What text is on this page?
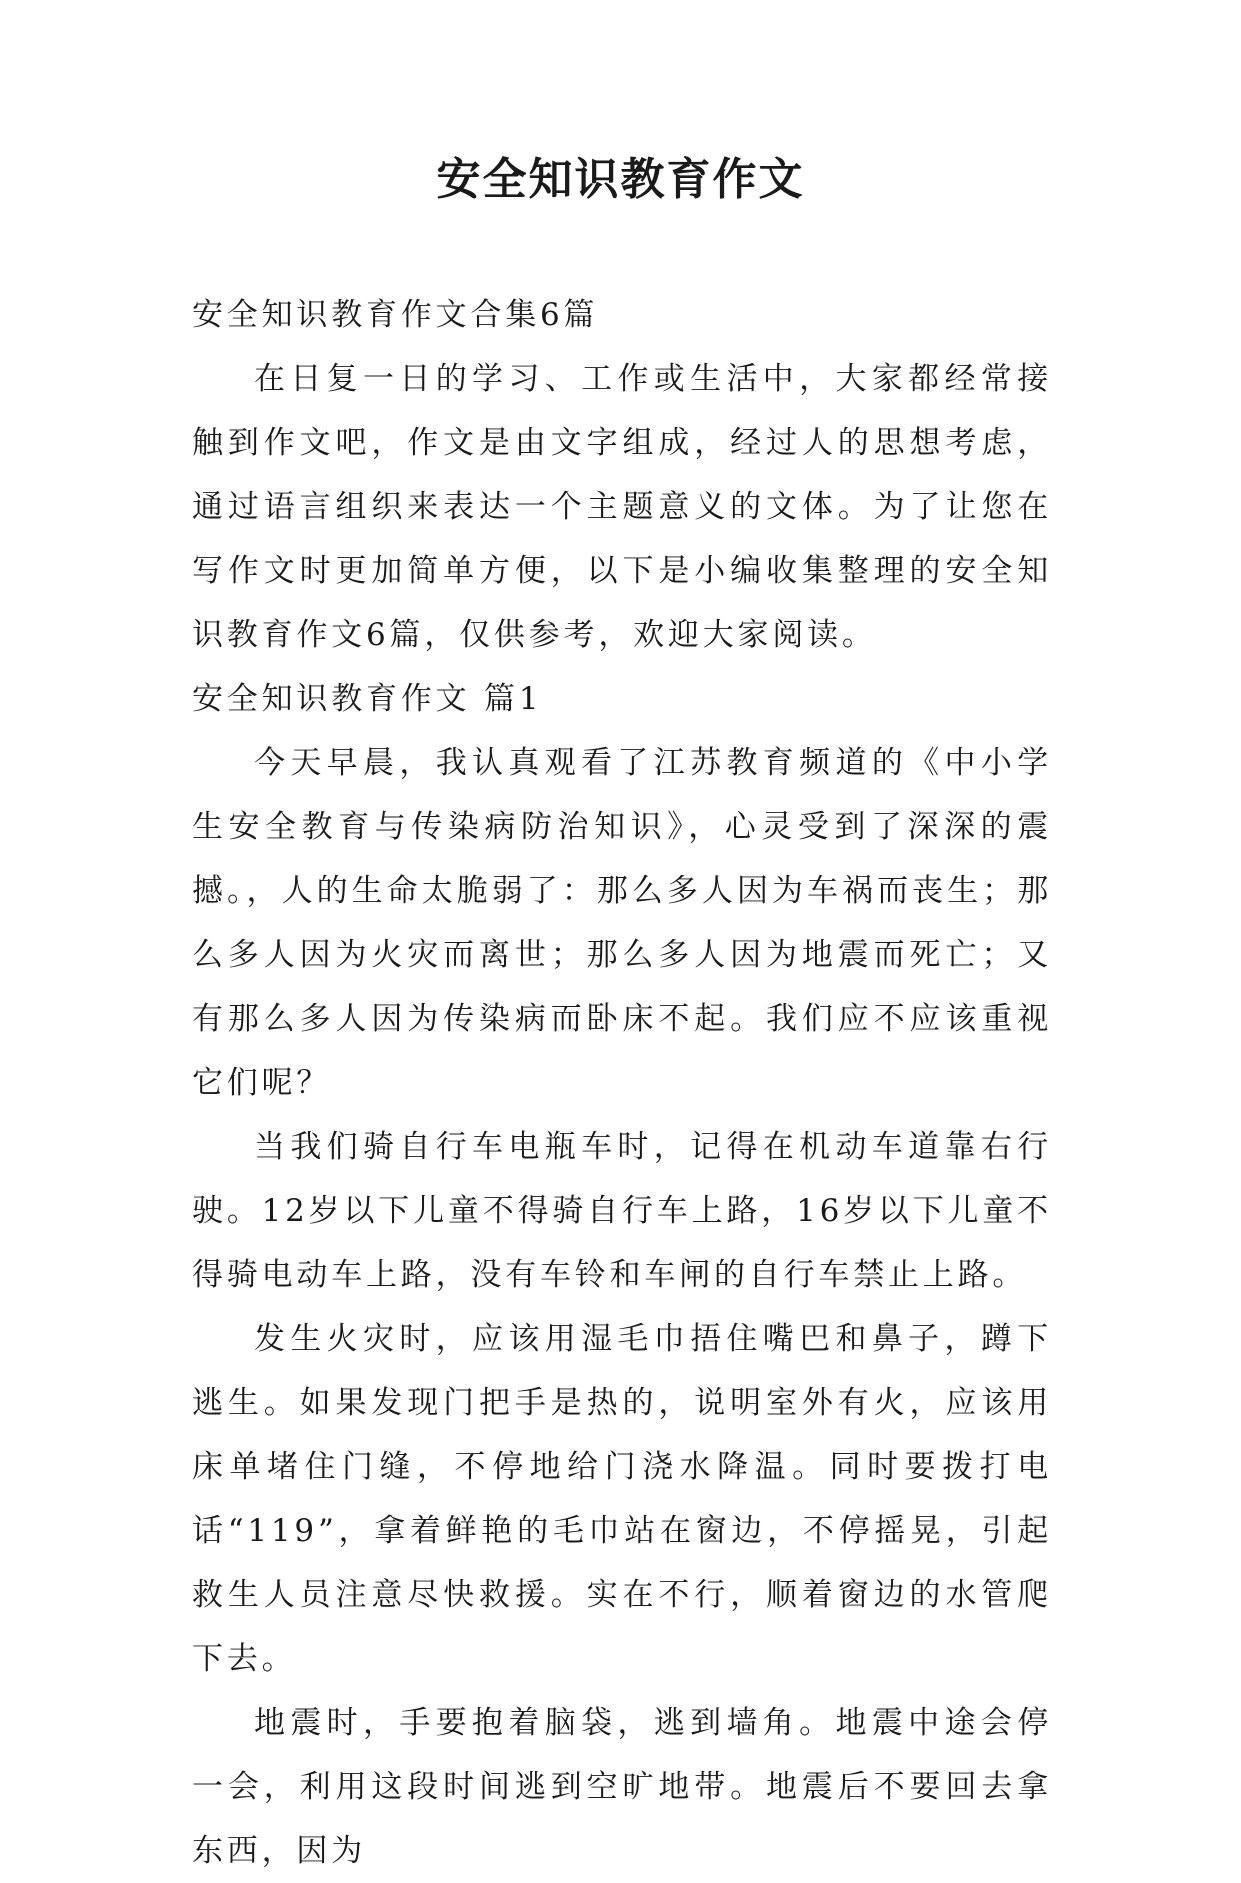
安全知识教育作文

安全知识教育作文合集6篇

在日复一日的学习、工作或生活中，大家都经常接触到作文吧，作文是由文字组成，经过人的思想考虑，通过语言组织来表达一个主题意义的文体。为了让您在写作文时更加简单方便，以下是小编收集整理的安全知识教育作文6篇，仅供参考，欢迎大家阅读。

安全知识教育作文 篇1

今天早晨，我认真观看了江苏教育频道的《中小学生安全教育与传染病防治知识》，心灵受到了深深的震撼。，人的生命太脆弱了：那么多人因为车祸而丧生；那么多人因为火灾而离世；那么多人因为地震而死亡；又有那么多人因为传染病而卧床不起。我们应不应该重视它们呢？

当我们骑自行车电瓶车时，记得在机动车道靠右行驶。12岁以下儿童不得骑自行车上路，16岁以下儿童不得骑电动车上路，没有车铃和车闸的自行车禁止上路。

发生火灾时，应该用湿毛巾捂住嘴巴和鼻子，蹲下逃生。如果发现门把手是热的，说明室外有火，应该用床单堵住门缝，不停地给门浇水降温。同时要拨打电话“119”，拿着鲜艳的毛巾站在窗边，不停摇晃，引起救生人员注意尽快救援。实在不行，顺着窗边的水管爬下去。

地震时，手要抱着脑袋，逃到墙角。地震中途会停一会，利用这段时间逃到空旷地带。地震后不要回去拿东西，因为
